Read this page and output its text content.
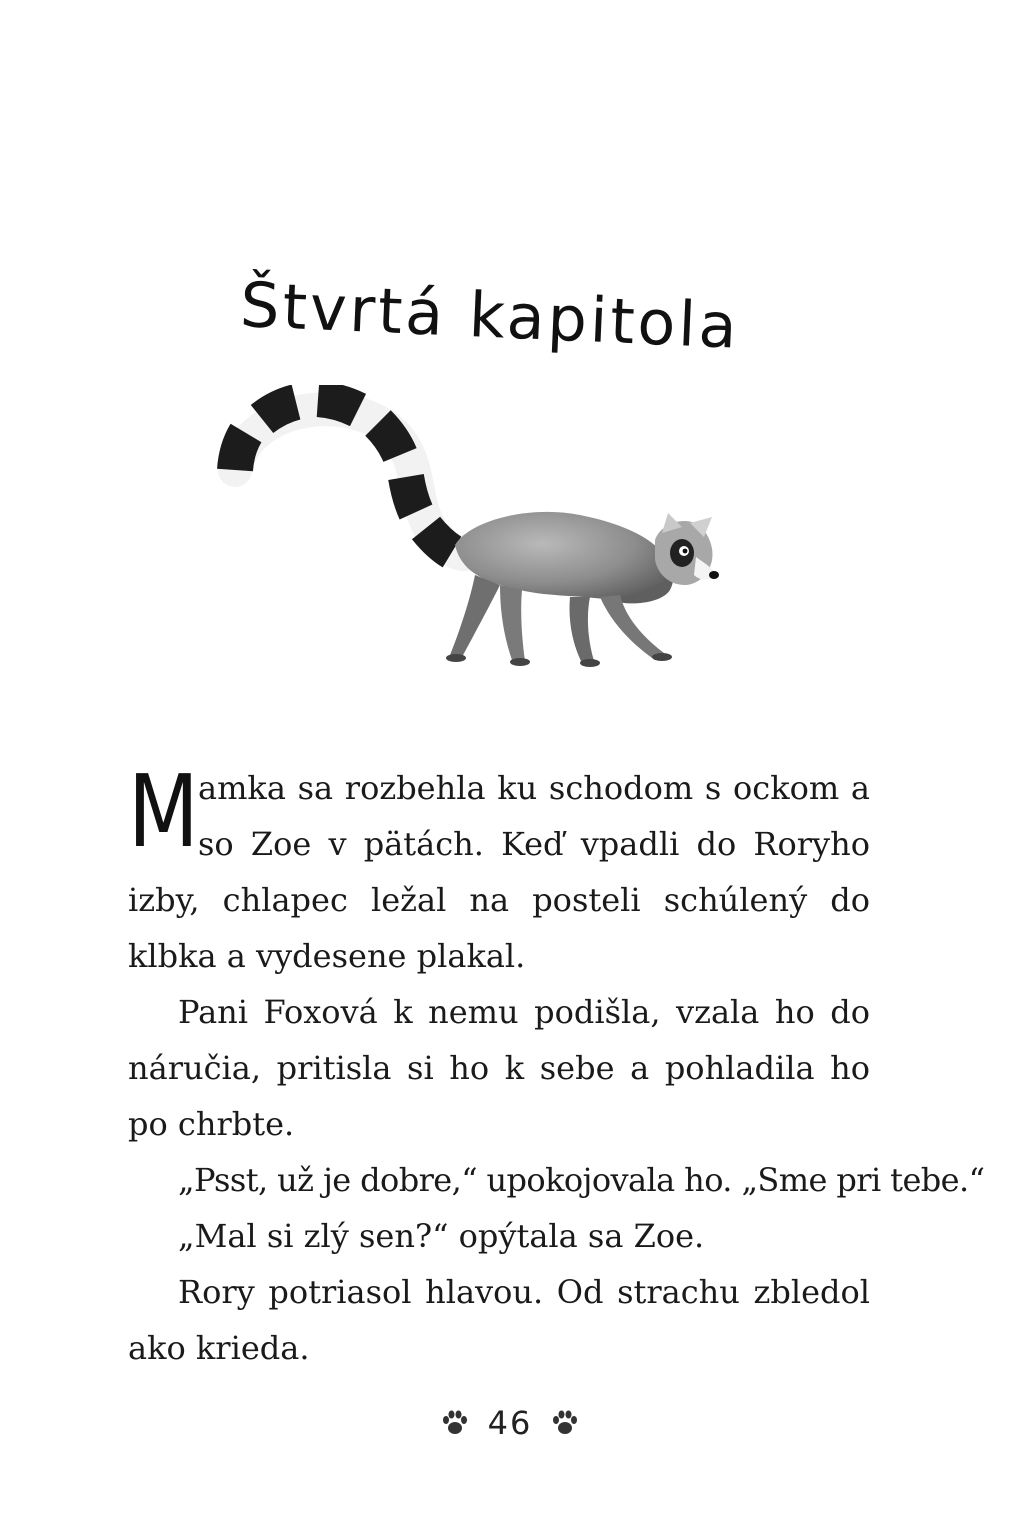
Štvrtá kapitola

Mamka sa rozbehla ku schodom s ockom a so Zoe v pätách. Keď vpadli do Roryho izby, chlapec ležal na posteli schúlený do klbka a vydesene plakal.

Pani Foxová k nemu podišla, vzala ho do náručia, pritisla si ho k sebe a pohladila ho po chrbte.

„Psst, už je dobre,“ upokojovala ho. „Sme pri tebe.“

„Mal si zlý sen?“ opýtala sa Zoe.

Rory potriasol hlavou. Od strachu zbledol ako krieda.

46
